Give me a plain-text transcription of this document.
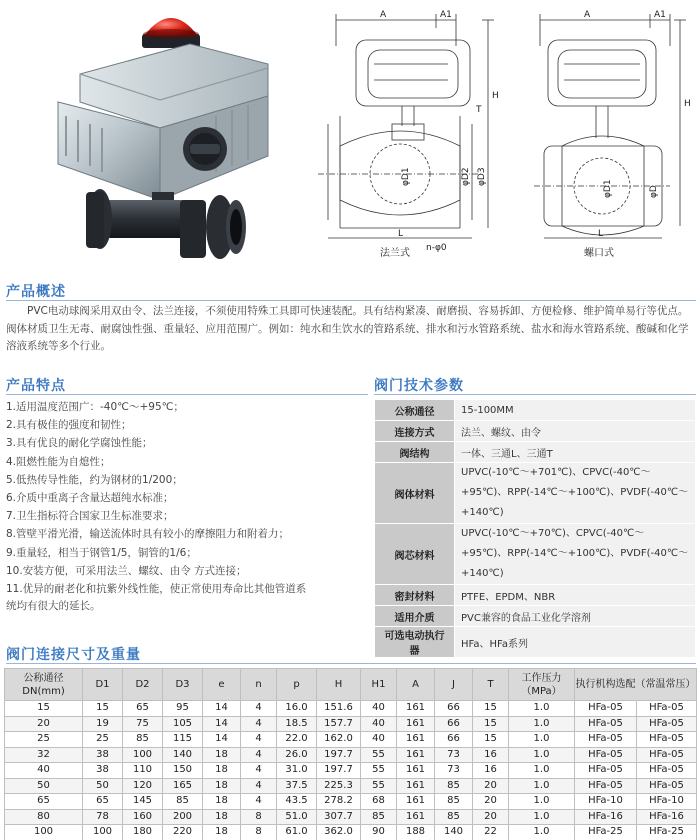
A	A1
H
T
L
n-φ0
A	A1
H
L
φD1	φD2 φD3
φD1	φD
法兰式	螺口式
产品概述

PVC电动球阀采用双由令、法兰连接，不须使用特殊工具即可快速装配。具有结构紧凑、耐磨损、容易拆卸、方便检修、维护简单易行等优点。阀体材质卫生无毒、耐腐蚀性强、重量轻、应用范围广。例如：纯水和生饮水的管路系统、排水和污水管路系统、盐水和海水管路系统、酸碱和化学溶液系统等多个行业。

产品特点
1.适用温度范围广：-40℃～+95℃；
2.具有极佳的强度和韧性；
3.具有优良的耐化学腐蚀性能；
4.阻燃性能为自熄性；
5.低热传导性能，约为钢材的1/200；
6.介质中重离子含量达超纯水标准；
7.卫生指标符合国家卫生标准要求；
8.管壁平滑光滑，输送流体时具有较小的摩擦阻力和附着力；
9.重量轻，相当于钢管1/5，铜管的1/6；
10.安装方便，可采用法兰、螺纹、由令 方式连接；
11.优异的耐老化和抗紫外线性能，使正常使用寿命比其他管道系
统均有很大的延长。
阀门技术参数
公称通径	15-100MM
连接方式	法兰、螺纹、由令
阀结构	一体、三通L、三通T
阀体材料	UPVC(-10℃～+701℃)、CPVC(-40℃～+95℃)、RPP(-14℃～+100℃)、PVDF(-40℃～+140℃)
阀芯材料	UPVC(-10℃～+70℃)、CPVC(-40℃～+95℃)、RPP(-14℃～+100℃)、PVDF(-40℃～+140℃)
密封材料	PTFE、EPDM、NBR
适用介质	PVC兼容的食品工业化学溶剂
可选电动执行器	HFa、HFa系列
阀门连接尺寸及重量
公称通径DN(mm)	D1	D2	D3	e	n	p	H	H1	A	J	T	工作压力（MPa）	执行机构选配（常温常压）	
15	15	65	95	14	4	16.0	151.6	40	161	66	15	1.0	HFa-05	HFa-05
20	19	75	105	14	4	18.5	157.7	40	161	66	15	1.0	HFa-05	HFa-05
25	25	85	115	14	4	22.0	162.0	40	161	66	15	1.0	HFa-05	HFa-05
32	38	100	140	18	4	26.0	197.7	55	161	73	16	1.0	HFa-05	HFa-05
40	38	110	150	18	4	31.0	197.7	55	161	73	16	1.0	HFa-05	HFa-05
50	50	120	165	18	4	37.5	225.3	55	161	85	20	1.0	HFa-05	HFa-05
65	65	145	85	18	4	43.5	278.2	68	161	85	20	1.0	HFa-10	HFa-10
80	78	160	200	18	8	51.0	307.7	85	161	85	20	1.0	HFa-16	HFa-16
100	100	180	220	18	8	61.0	362.0	90	188	140	22	1.0	HFa-25	HFa-25
